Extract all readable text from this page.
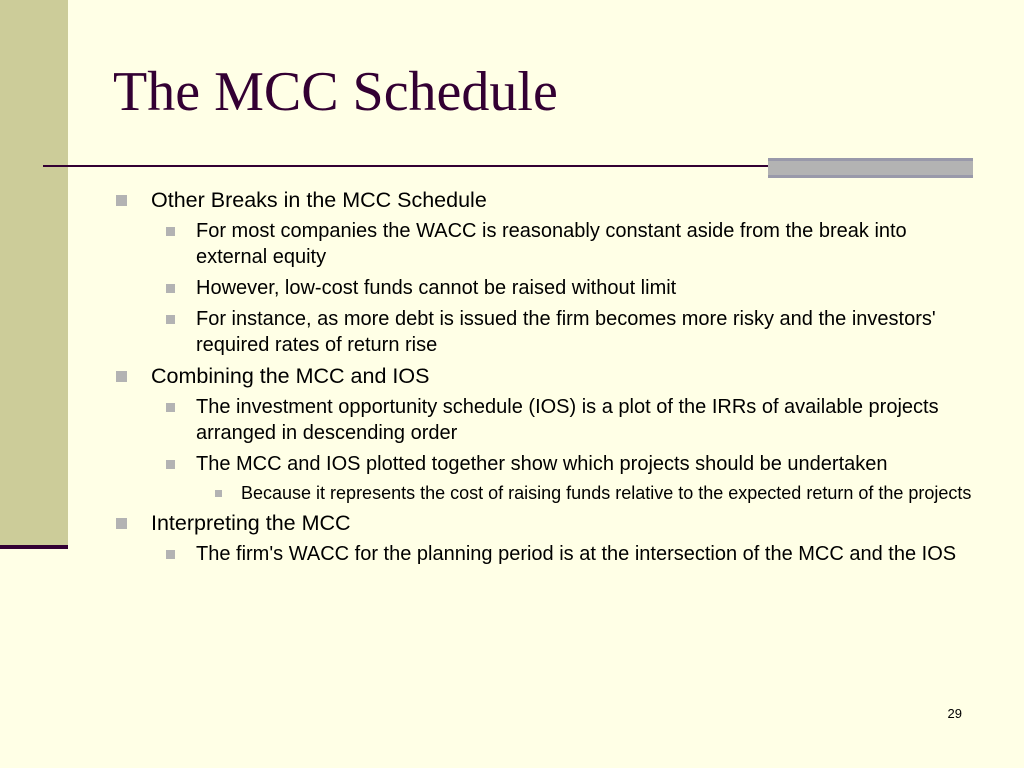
The MCC Schedule
Other Breaks in the MCC Schedule
For most companies the WACC is reasonably constant aside from the break into external equity
However, low-cost funds cannot be raised without limit
For instance, as more debt is issued the firm becomes more risky and the investors' required rates of return rise
Combining the MCC and IOS
The investment opportunity schedule (IOS) is a plot of the IRRs of available projects arranged in descending order
The MCC and IOS plotted together show which projects should be undertaken
Because it represents the cost of raising funds relative to the expected return of the projects
Interpreting the MCC
The firm's WACC for the planning period is at the intersection of the MCC and the IOS
29
